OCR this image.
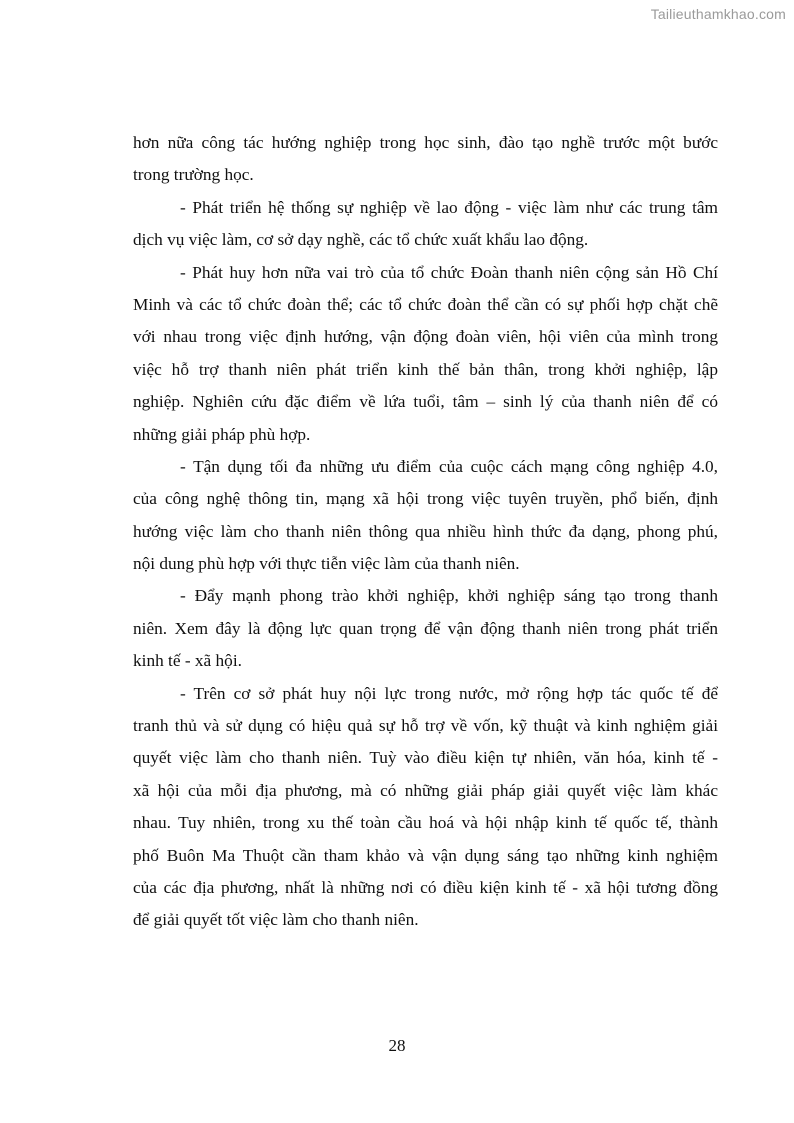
Tailieuthamkhao.com
hơn nữa công tác hướng nghiệp trong học sinh, đào tạo nghề trước một bước
trong trường học.
- Phát triển hệ thống sự nghiệp về lao động - việc làm như các trung tâm
dịch vụ việc làm, cơ sở dạy nghề, các tổ chức xuất khẩu lao động.
- Phát huy hơn nữa vai trò của tổ chức Đoàn thanh niên cộng sản Hồ Chí
Minh và các tổ chức đoàn thể; các tổ chức đoàn thể cần có sự phối hợp chặt chẽ
với nhau trong việc định hướng, vận động đoàn viên, hội viên của mình trong
việc hỗ trợ thanh niên phát triển kinh thế bản thân, trong khởi nghiệp, lập
nghiệp. Nghiên cứu đặc điểm về lứa tuổi, tâm – sinh lý của thanh niên để có
những giải pháp phù hợp.
- Tận dụng tối đa những ưu điểm của cuộc cách mạng công nghiệp 4.0,
của công nghệ thông tin, mạng xã hội trong việc tuyên truyền, phổ biến, định
hướng việc làm cho thanh niên thông qua nhiều hình thức đa dạng, phong phú,
nội dung phù hợp với thực tiễn việc làm của thanh niên.
- Đẩy mạnh phong trào khởi nghiệp, khởi nghiệp sáng tạo trong thanh
niên. Xem đây là động lực quan trọng để vận động thanh niên trong phát triển
kinh tế - xã hội.
- Trên cơ sở phát huy nội lực trong nước, mở rộng hợp tác quốc tế để
tranh thủ và sử dụng có hiệu quả sự hỗ trợ về vốn, kỹ thuật và kinh nghiệm giải
quyết việc làm cho thanh niên. Tuỳ vào điều kiện tự nhiên, văn hóa, kinh tế -
xã hội của mỗi địa phương, mà có những giải pháp giải quyết việc làm khác
nhau. Tuy nhiên, trong xu thế toàn cầu hoá và hội nhập kinh tế quốc tế, thành
phố Buôn Ma Thuột cần tham khảo và vận dụng sáng tạo những kinh nghiệm
của các địa phương, nhất là những nơi có điều kiện kinh tế - xã hội tương đồng
để giải quyết tốt việc làm cho thanh niên.
28
